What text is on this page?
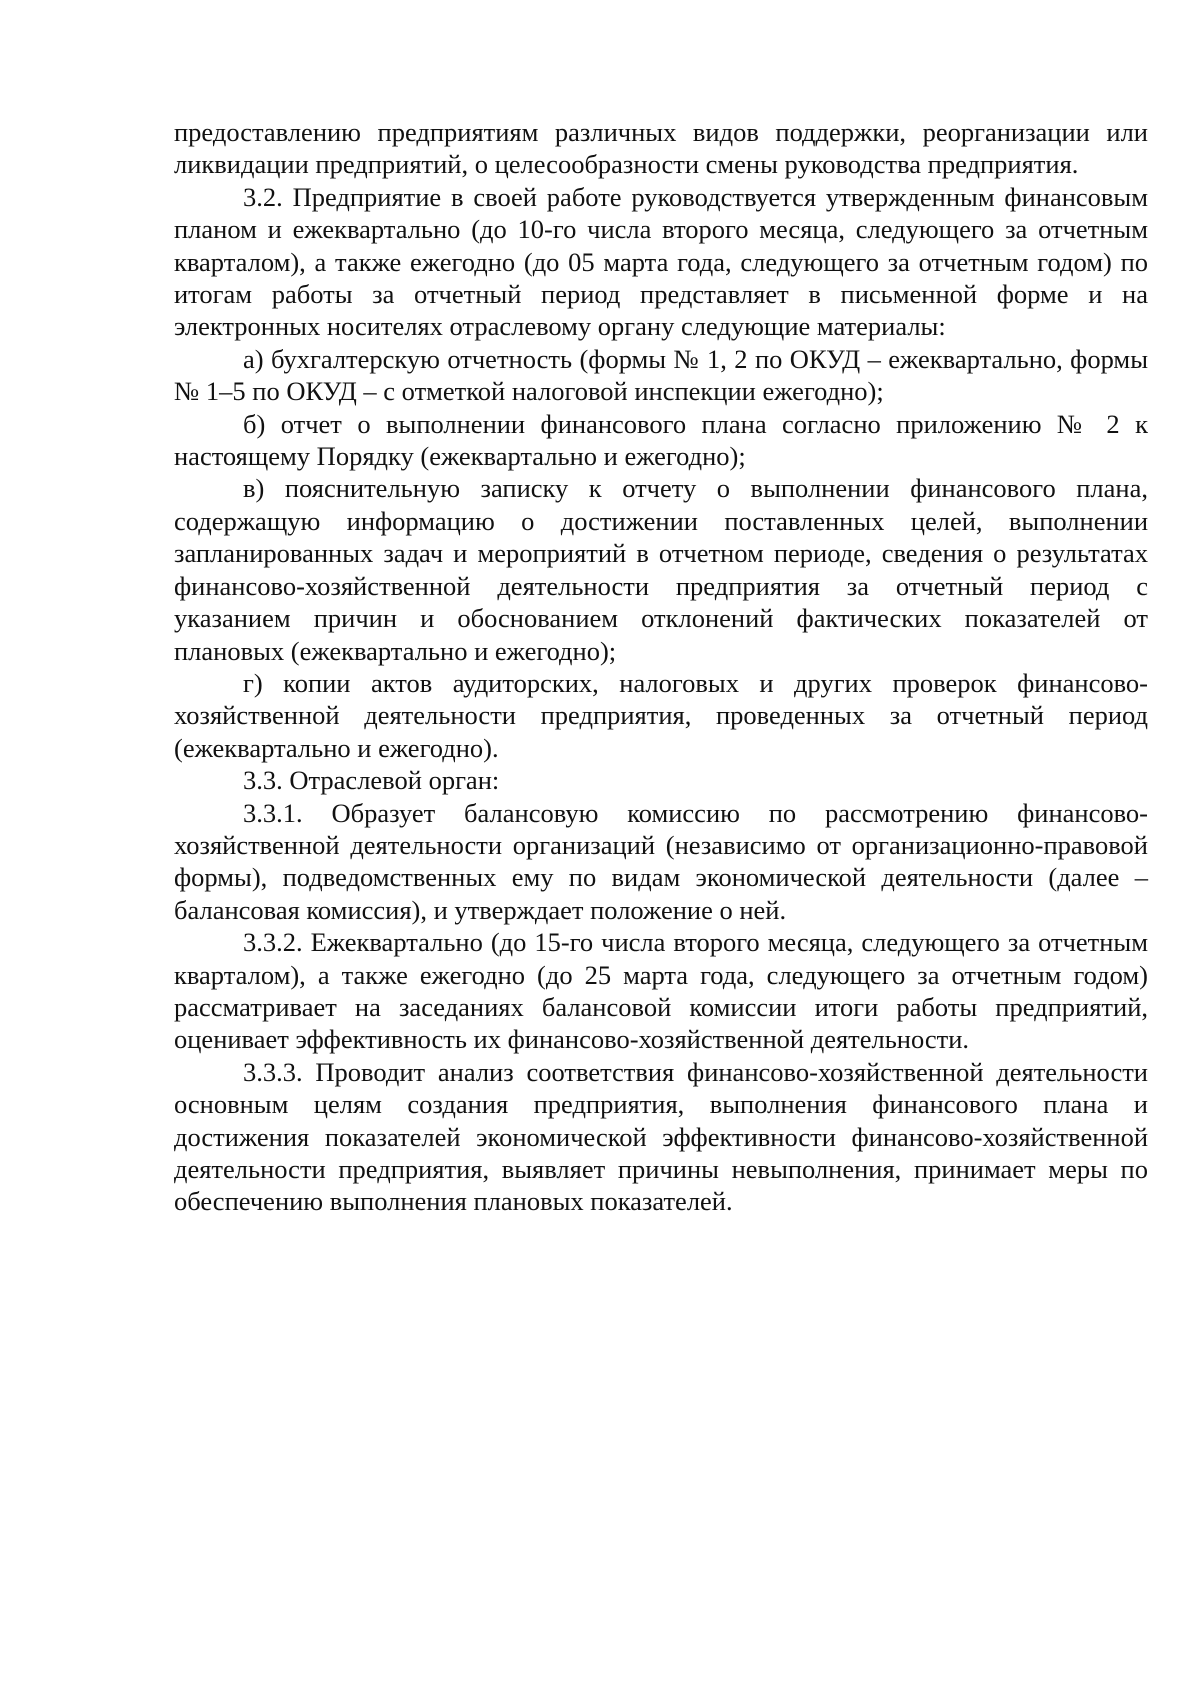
предоставлению предприятиям различных видов поддержки, реорганизации или ликвидации предприятий, о целесообразности смены руководства предприятия.

3.2. Предприятие в своей работе руководствуется утвержденным финансовым планом и ежеквартально (до 10-го числа второго месяца, следующего за отчетным кварталом), а также ежегодно (до 05 марта года, следующего за отчетным годом) по итогам работы за отчетный период представляет в письменной форме и на электронных носителях отраслевому органу следующие материалы:

а) бухгалтерскую отчетность (формы № 1, 2 по ОКУД – ежеквартально, формы № 1–5 по ОКУД – с отметкой налоговой инспекции ежегодно);

б) отчет о выполнении финансового плана согласно приложению № 2 к настоящему Порядку (ежеквартально и ежегодно);

в) пояснительную записку к отчету о выполнении финансового плана, содержащую информацию о достижении поставленных целей, выполнении запланированных задач и мероприятий в отчетном периоде, сведения о результатах финансово-хозяйственной деятельности предприятия за отчетный период с указанием причин и обоснованием отклонений фактических показателей от плановых (ежеквартально и ежегодно);

г) копии актов аудиторских, налоговых и других проверок финансово-хозяйственной деятельности предприятия, проведенных за отчетный период (ежеквартально и ежегодно).

3.3. Отраслевой орган:

3.3.1. Образует балансовую комиссию по рассмотрению финансово-хозяйственной деятельности организаций (независимо от организационно-правовой формы), подведомственных ему по видам экономической деятельности (далее – балансовая комиссия), и утверждает положение о ней.

3.3.2. Ежеквартально (до 15-го числа второго месяца, следующего за отчетным кварталом), а также ежегодно (до 25 марта года, следующего за отчетным годом) рассматривает на заседаниях балансовой комиссии итоги работы предприятий, оценивает эффективность их финансово-хозяйственной деятельности.

3.3.3. Проводит анализ соответствия финансово-хозяйственной деятельности основным целям создания предприятия, выполнения финансового плана и достижения показателей экономической эффективности финансово-хозяйственной деятельности предприятия, выявляет причины невыполнения, принимает меры по обеспечению выполнения плановых показателей.
